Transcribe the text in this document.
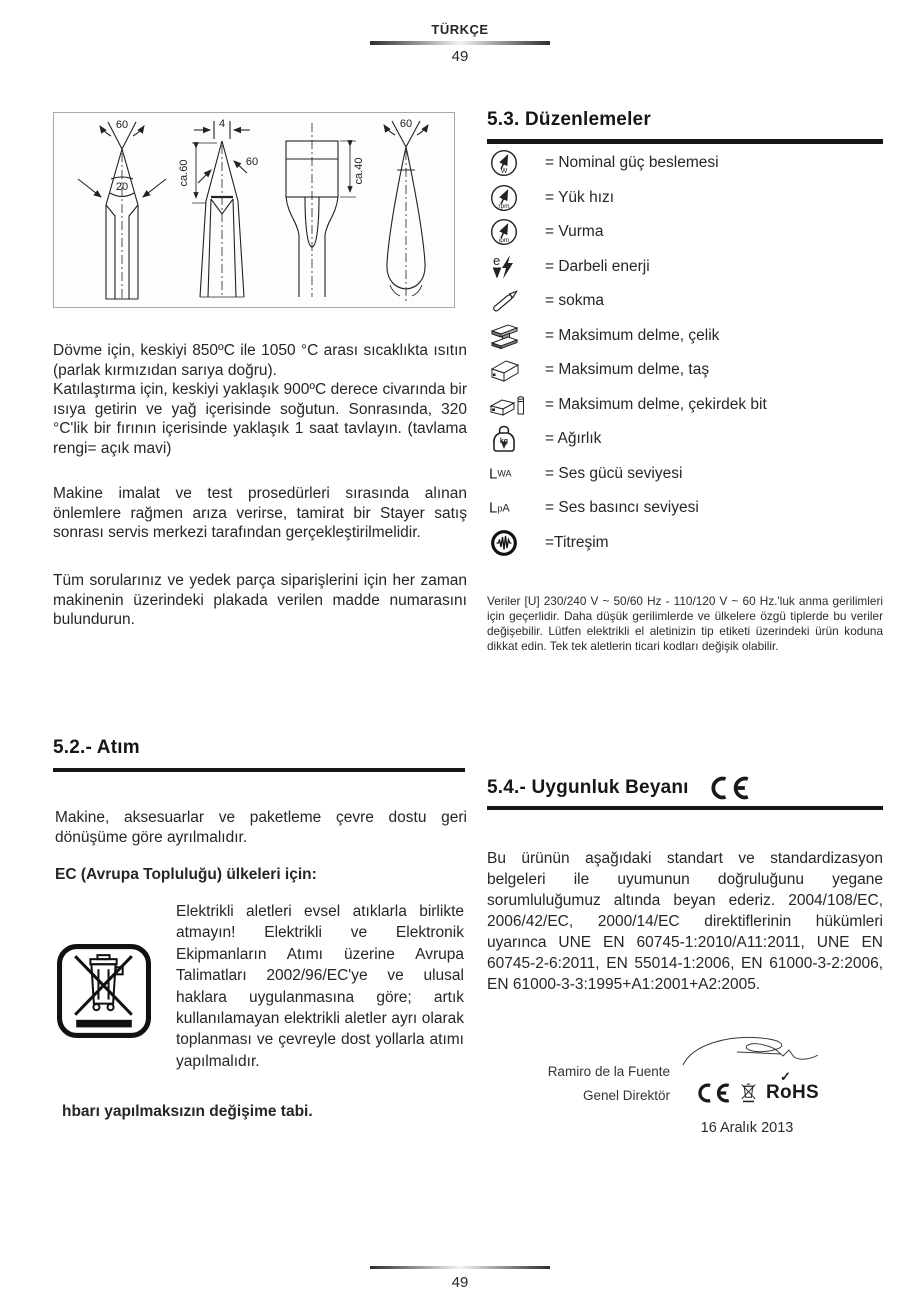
TÜRKÇE
49
60
20
4
ca.60	60	ca.40
60

Dövme için, keskiyi 850ºC ile 1050 °C arası sıcaklıkta ısıtın (parlak kırmızıdan sarıya doğru).

Katılaştırma için, keskiyi yaklaşık 900ºC derece civarında bir ısıya getirin ve yağ içerisinde soğutun. Sonrasında, 320 °C'lik bir fırının içerisinde yaklaşık 1 saat tavlayın. (tavlama rengi= açık mavi)

Makine imalat ve test prosedürleri sırasında alınan önlemlere rağmen arıza verirse, tamirat bir Stayer satış sonrası servis merkezi tarafından gerçekleştirilmelidir.

Tüm sorularınız ve yedek parça siparişlerini için her zaman makinenin üzerindeki plakada verilen madde numarasını bulundurun.

5.2.- Atım

Makine, aksesuarlar ve paketleme çevre dostu geri dönüşüme göre ayrılmalıdır.

EC (Avrupa Topluluğu) ülkeleri için:

Elektrikli aletleri evsel atıklarla birlikte atmayın! Elektrikli ve Elektronik Ekipmanların Atımı üzerine Avrupa Talimatları 2002/96/EC'ye ve ulusal haklara uygulanmasına göre; artık kullanılamayan elektrikli aletler ayrı olarak toplanması ve çevreyle dost yollarla atımı yapılmalıdır.

hbarı yapılmaksızın değişime tabi.

5.3. Düzenlemeler
W
= Nominal güç beslemesi
rpm
= Yük hızı
ipm
= Vurma
e	= Darbeli enerji
= sokma
= Maksimum delme, çelik
= Maksimum delme, taş
= Maksimum delme, çekirdek bit
kg = Ağırlık
L WA = Ses gücü seviyesi
L p A = Ses basıncı seviyesi
=Titreşim

Veriler [U] 230/240 V ~ 50/60 Hz - 110/120 V ~ 60 Hz.'luk anma gerilimleri için geçerlidir. Daha düşük gerilimlerde ve ülkelere özgü tiplerde bu veriler değişebilir. Lütfen elektrikli el aletinizin tip etiketi üzerindeki ürün koduna dikkat edin. Tek tek aletlerin ticari kodları değişik olabilir.

5.4.- Uygunluk Beyanı

Bu ürünün aşağıdaki standart ve standardizasyon belgeleri ile uyumunun doğruluğunu yegane sorumluluğumuz altında beyan ederiz. 2004/108/EC, 2006/42/EC, 2000/14/EC direktiflerinin hükümleri uyarınca UNE EN 60745-1:2010/A11:2011, UNE EN 60745-2-6:2011, EN 55014-1:2006, EN 61000-3-2:2006, EN 61000-3-3:1995+A1:2001+A2:2005.

Ramiro de la Fuente
Genel Direktör	R
✓
o HS
16 Aralık 2013
49
